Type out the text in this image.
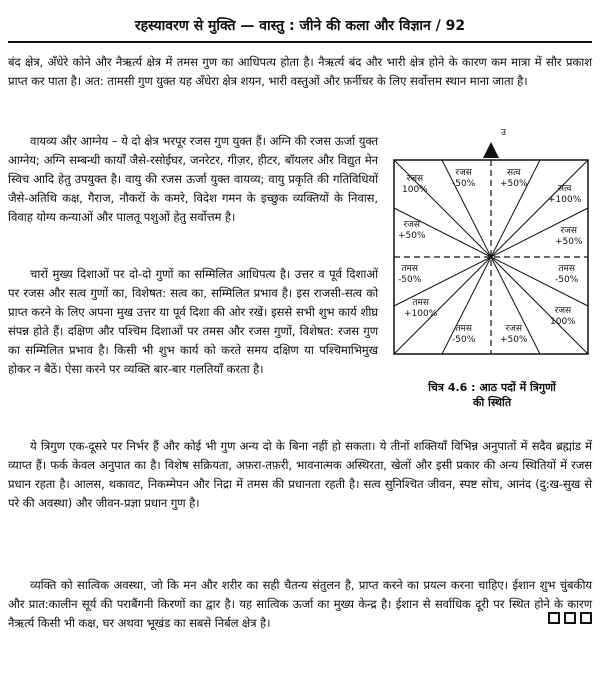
रहस्यावरण से मुक्ति — वास्तु : जीने की कला और विज्ञान / 92

बंद क्षेत्र, अँधेरे कोने और नैऋर्त्य क्षेत्र में तमस गुण का आधिपत्य होता है। नैऋर्त्य बंद और भारी क्षेत्र होने के कारण कम मात्रा में सौर प्रकाश प्राप्त कर पाता है। अत: तामसी गुण युक्त यह अँधेरा क्षेत्र शयन, भारी वस्तुओं और फ़र्नीचर के लिए सर्वोत्तम स्थान माना जाता है।

वायव्य और आग्नेय – ये दो क्षेत्र भरपूर रजस गुण युक्त हैं। अग्नि की रजस ऊर्जा युक्त आग्नेय; अग्नि सम्बन्धी कार्यों जैसे-रसोईघर, जनरेटर, गीज़र, हीटर, बॉयलर और विद्युत मेन स्विच आदि हेतु उपयुक्त है। वायु की रजस ऊर्जा युक्त वायव्य; वायु प्रकृति की गतिविधियों जैसे-अतिथि कक्ष, गैराज, नौकरों के कमरे, विदेश गमन के इच्छुक व्यक्तियों के निवास, विवाह योग्य कन्याओं और पालतू पशुओं हेतु सर्वोत्तम है।

चारों मुख्य दिशाओं पर दो-दो गुणों का सम्मिलित आधिपत्य है। उत्तर व पूर्व दिशाओं पर रजस और सत्व गुणों का, विशेषत: सत्व का, सम्मिलित प्रभाव है। इस राजसी-सत्व को प्राप्त करने के लिए अपना मुख उत्तर या पूर्व दिशा की ओर रखें। इससे सभी शुभ कार्य शीघ्र संपन्न होते हैं। दक्षिण और पश्चिम दिशाओं पर तमस और रजस गुणों, विशेषत: रजस गुण का सम्मिलित प्रभाव है। किसी भी शुभ कार्य को करते समय दक्षिण या पश्चिमाभिमुख होकर न बैठें। ऐसा करने पर व्यक्ति बार-बार गलतियाँ करता है।

उ
रजस
100%
रजस
-50%
सत्व
+50%	सत्व
+100%
रजस
+50%	रजस
+50%
तमस
-50%
तमस
-50%
तमस
+100%
तमस
-50%
रजस
+50%
रजस
100%
चित्र 4.6 : आठ पदों में त्रिगुणों
की स्थिति

ये त्रिगुण एक-दूसरे पर निर्भर हैं और कोई भी गुण अन्य दो के बिना नहीं हो सकता। ये तीनों शक्तियाँ विभिन्न अनुपातों में सदैव ब्रह्मांड में व्याप्त हैं। फर्क केवल अनुपात का है। विशेष सक्रियता, अफ़रा-तफ़री, भावनात्मक अस्थिरता, खेलों और इसी प्रकार की अन्य स्थितियों में रजस प्रधान रहता है। आलस, थकावट, निकम्मेपन और निद्रा में तमस की प्रधानता रहती है। सत्व सुनिश्चित जीवन, स्पष्ट सोच, आनंद (दु:ख-सुख से परे की अवस्था) और जीवन-प्रज्ञा प्रधान गुण है।

व्यक्ति को सात्विक अवस्था, जो कि मन और शरीर का सही चैतन्य संतुलन है, प्राप्त करने का प्रयत्न करना चाहिए। ईशान शुभ चुंबकीय और प्रात:कालीन सूर्य की पराबैंगनी किरणों का द्वार है। यह सात्विक ऊर्जा का मुख्य केन्द्र है। ईशान से सर्वाधिक दूरी पर स्थित होने के कारण नैऋर्त्य किसी भी कक्ष, घर अथवा भूखंड का सबसे निर्बल क्षेत्र है।
